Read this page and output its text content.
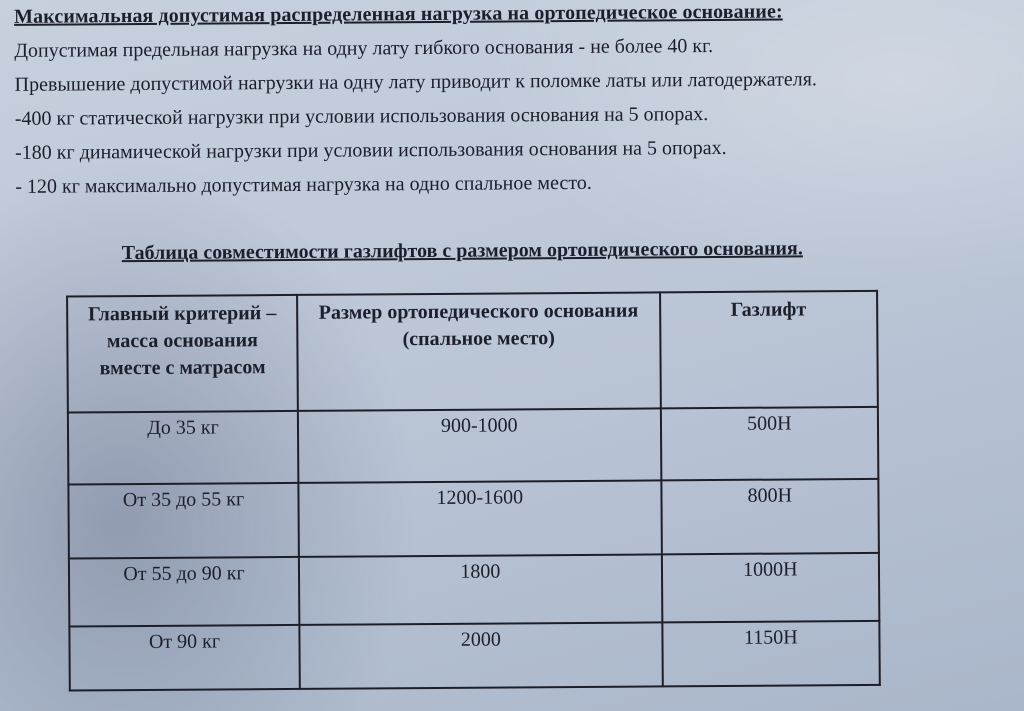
Максимальная допустимая распределенная нагрузка на ортопедическое основание:
Допустимая предельная нагрузка на одну лату гибкого основания - не более 40 кг.
Превышение допустимой нагрузки на одну лату приводит к поломке латы или латодержателя.
-400 кг статической нагрузки при условии использования основания на 5 опорах.
-180 кг динамической нагрузки при условии использования основания на 5 опорах.
- 120 кг максимально допустимая нагрузка на одно спальное место.
Таблица совместимости газлифтов с размером ортопедического основания.
Главный критерий – масса основания вместе с матрасом	Размер ортопедического основания (спальное место)	Газлифт
До 35 кг	900-1000	500Н
От 35 до 55 кг	1200-1600	800Н
От 55 до 90 кг	1800	1000Н
От 90 кг	2000	1150Н
